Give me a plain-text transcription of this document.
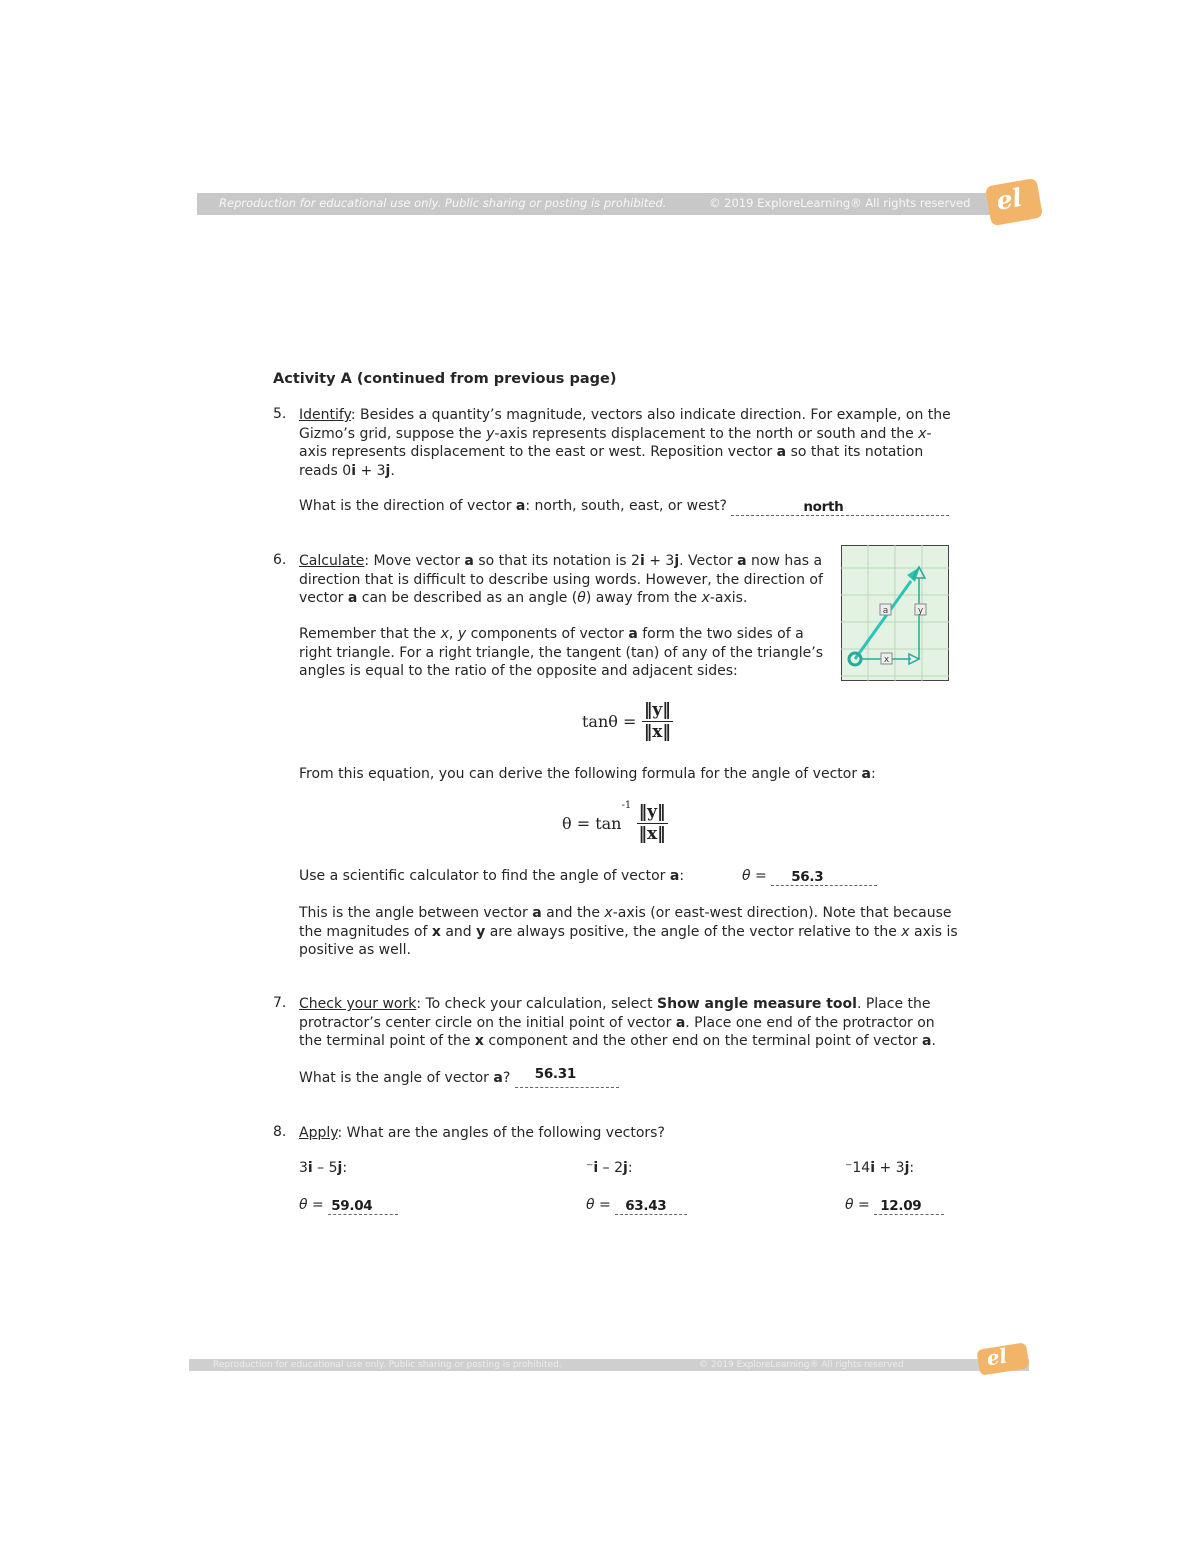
Reproduction for educational use only. Public sharing or posting is prohibited.	© 2019 ExploreLearning® All rights reserved el
Activity A (continued from previous page)
5. Identify: Besides a quantity’s magnitude, vectors also indicate direction. For example, on the
Gizmo’s grid, suppose the y-axis represents displacement to the north or south and the x-
axis represents displacement to the east or west. Reposition vector a so that its notation
reads 0i + 3j.
What is the direction of vector a: north, south, east, or west?	north
6. Calculate: Move vector a so that its notation is 2i + 3j. Vector a now has a
direction that is difficult to describe using words. However, the direction of
vector a can be described as an angle (θ) away from the x-axis.
Remember that the x, y components of vector a form the two sides of a
right triangle. For a right triangle, the tangent (tan) of any of the triangle’s
angles is equal to the ratio of the opposite and adjacent sides:
a	y
x
$\tan\theta = \frac{‖y‖}{‖x‖}$
From this equation, you can derive the following formula for the angle of vector a:
$\theta = \tan^{-1} \frac{‖y‖}{‖x‖}$
Use a scientific calculator to find the angle of vector a:	θ = 56.3
This is the angle between vector a and the x-axis (or east-west direction). Note that because
the magnitudes of x and y are always positive, the angle of the vector relative to the x axis is
positive as well.
7. Check your work: To check your calculation, select Show angle measure tool. Place the
protractor’s center circle on the initial point of vector a. Place one end of the protractor on
the terminal point of the x component and the other end on the terminal point of vector a.
What is the angle of vector a? 56.31
8. Apply: What are the angles of the following vectors?
3i – 5j:	⁻i – 2j:	⁻14i + 3j:
θ = 59.04	θ = 63.43	θ = 12.09
Reproduction for educational use only. Public sharing or posting is prohibited.	© 2019 ExploreLearning® All rights reserved	el
